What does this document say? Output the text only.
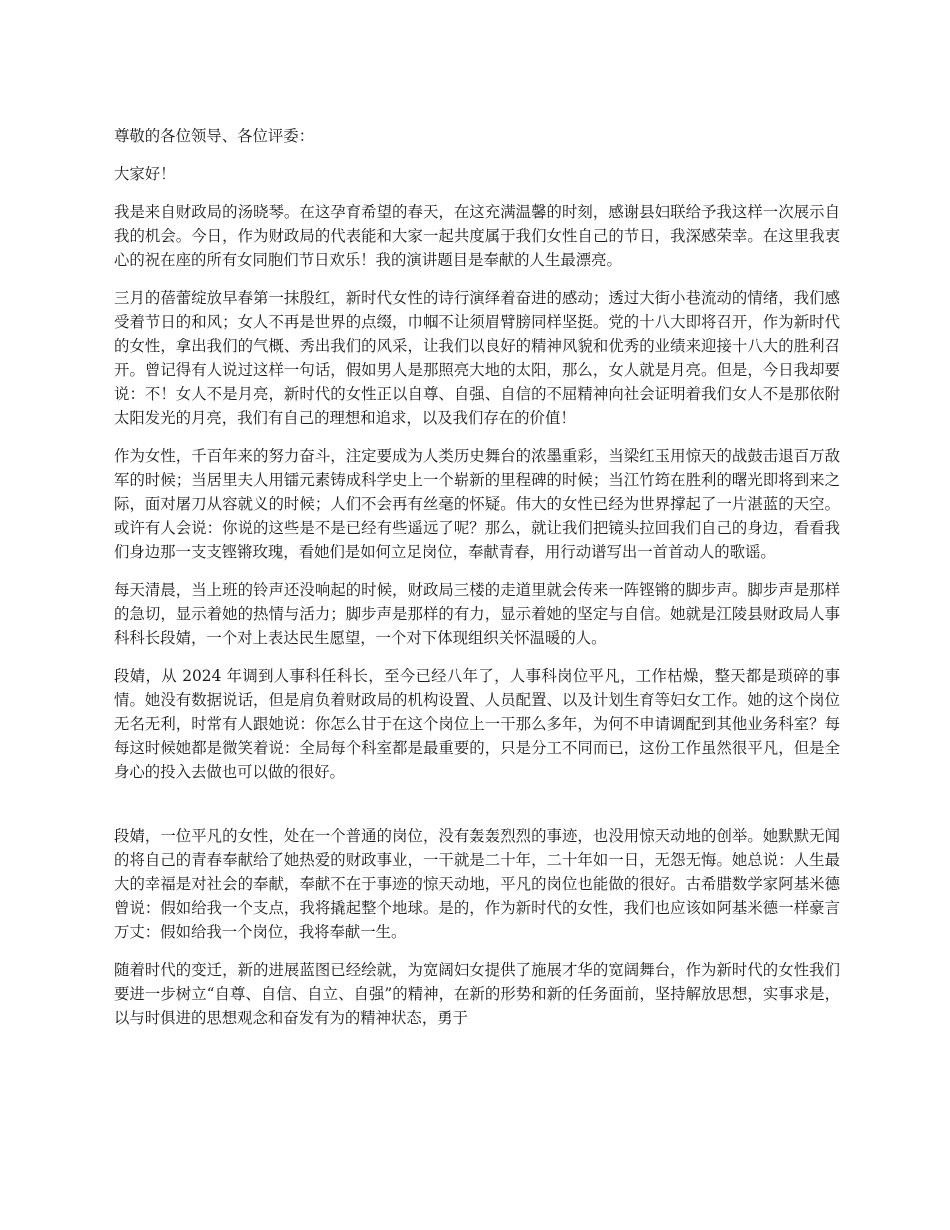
尊敬的各位领导、各位评委：

大家好！

我是来自财政局的汤晓琴。在这孕育希望的春天，在这充满温馨的时刻，感谢县妇联给予我这样一次展示自我的机会。今日，作为财政局的代表能和大家一起共度属于我们女性自己的节日，我深感荣幸。在这里我衷心的祝在座的所有女同胞们节日欢乐！我的演讲题目是奉献的人生最漂亮。

三月的蓓蕾绽放早春第一抹殷红，新时代女性的诗行演绎着奋进的感动；透过大街小巷流动的情绪，我们感受着节日的和风；女人不再是世界的点缀，巾帼不让须眉臂膀同样坚挺。党的十八大即将召开，作为新时代的女性，拿出我们的气概、秀出我们的风采，让我们以良好的精神风貌和优秀的业绩来迎接十八大的胜利召开。曾记得有人说过这样一句话，假如男人是那照亮大地的太阳，那么，女人就是月亮。但是，今日我却要说：不！女人不是月亮，新时代的女性正以自尊、自强、自信的不屈精神向社会证明着我们女人不是那依附太阳发光的月亮，我们有自己的理想和追求，以及我们存在的价值！

作为女性，千百年来的努力奋斗，注定要成为人类历史舞台的浓墨重彩，当梁红玉用惊天的战鼓击退百万敌军的时候；当居里夫人用镭元素铸成科学史上一个崭新的里程碑的时候；当江竹筠在胜利的曙光即将到来之际，面对屠刀从容就义的时候；人们不会再有丝毫的怀疑。伟大的女性已经为世界撑起了一片湛蓝的天空。或许有人会说：你说的这些是不是已经有些遥远了呢？那么，就让我们把镜头拉回我们自己的身边，看看我们身边那一支支铿锵玫瑰，看她们是如何立足岗位，奉献青春，用行动谱写出一首首动人的歌谣。

每天清晨，当上班的铃声还没响起的时候，财政局三楼的走道里就会传来一阵铿锵的脚步声。脚步声是那样的急切，显示着她的热情与活力；脚步声是那样的有力，显示着她的坚定与自信。她就是江陵县财政局人事科科长段婧，一个对上表达民生愿望，一个对下体现组织关怀温暖的人。

段婧，从 2024 年调到人事科任科长，至今已经八年了，人事科岗位平凡，工作枯燥，整天都是琐碎的事情。她没有数据说话，但是肩负着财政局的机构设置、人员配置、以及计划生育等妇女工作。她的这个岗位无名无利，时常有人跟她说：你怎么甘于在这个岗位上一干那么多年，为何不申请调配到其他业务科室？每每这时候她都是微笑着说：全局每个科室都是最重要的，只是分工不同而已，这份工作虽然很平凡，但是全身心的投入去做也可以做的很好。

段婧，一位平凡的女性，处在一个普通的岗位，没有轰轰烈烈的事迹，也没用惊天动地的创举。她默默无闻的将自己的青春奉献给了她热爱的财政事业，一干就是二十年，二十年如一日，无怨无悔。她总说：人生最大的幸福是对社会的奉献，奉献不在于事迹的惊天动地，平凡的岗位也能做的很好。古希腊数学家阿基米德曾说：假如给我一个支点，我将撬起整个地球。是的，作为新时代的女性，我们也应该如阿基米德一样豪言万丈：假如给我一个岗位，我将奉献一生。

随着时代的变迁，新的进展蓝图已经绘就，为宽阔妇女提供了施展才华的宽阔舞台，作为新时代的女性我们要进一步树立“自尊、自信、自立、自强”的精神，在新的形势和新的任务面前，坚持解放思想，实事求是，以与时俱进的思想观念和奋发有为的精神状态，勇于
